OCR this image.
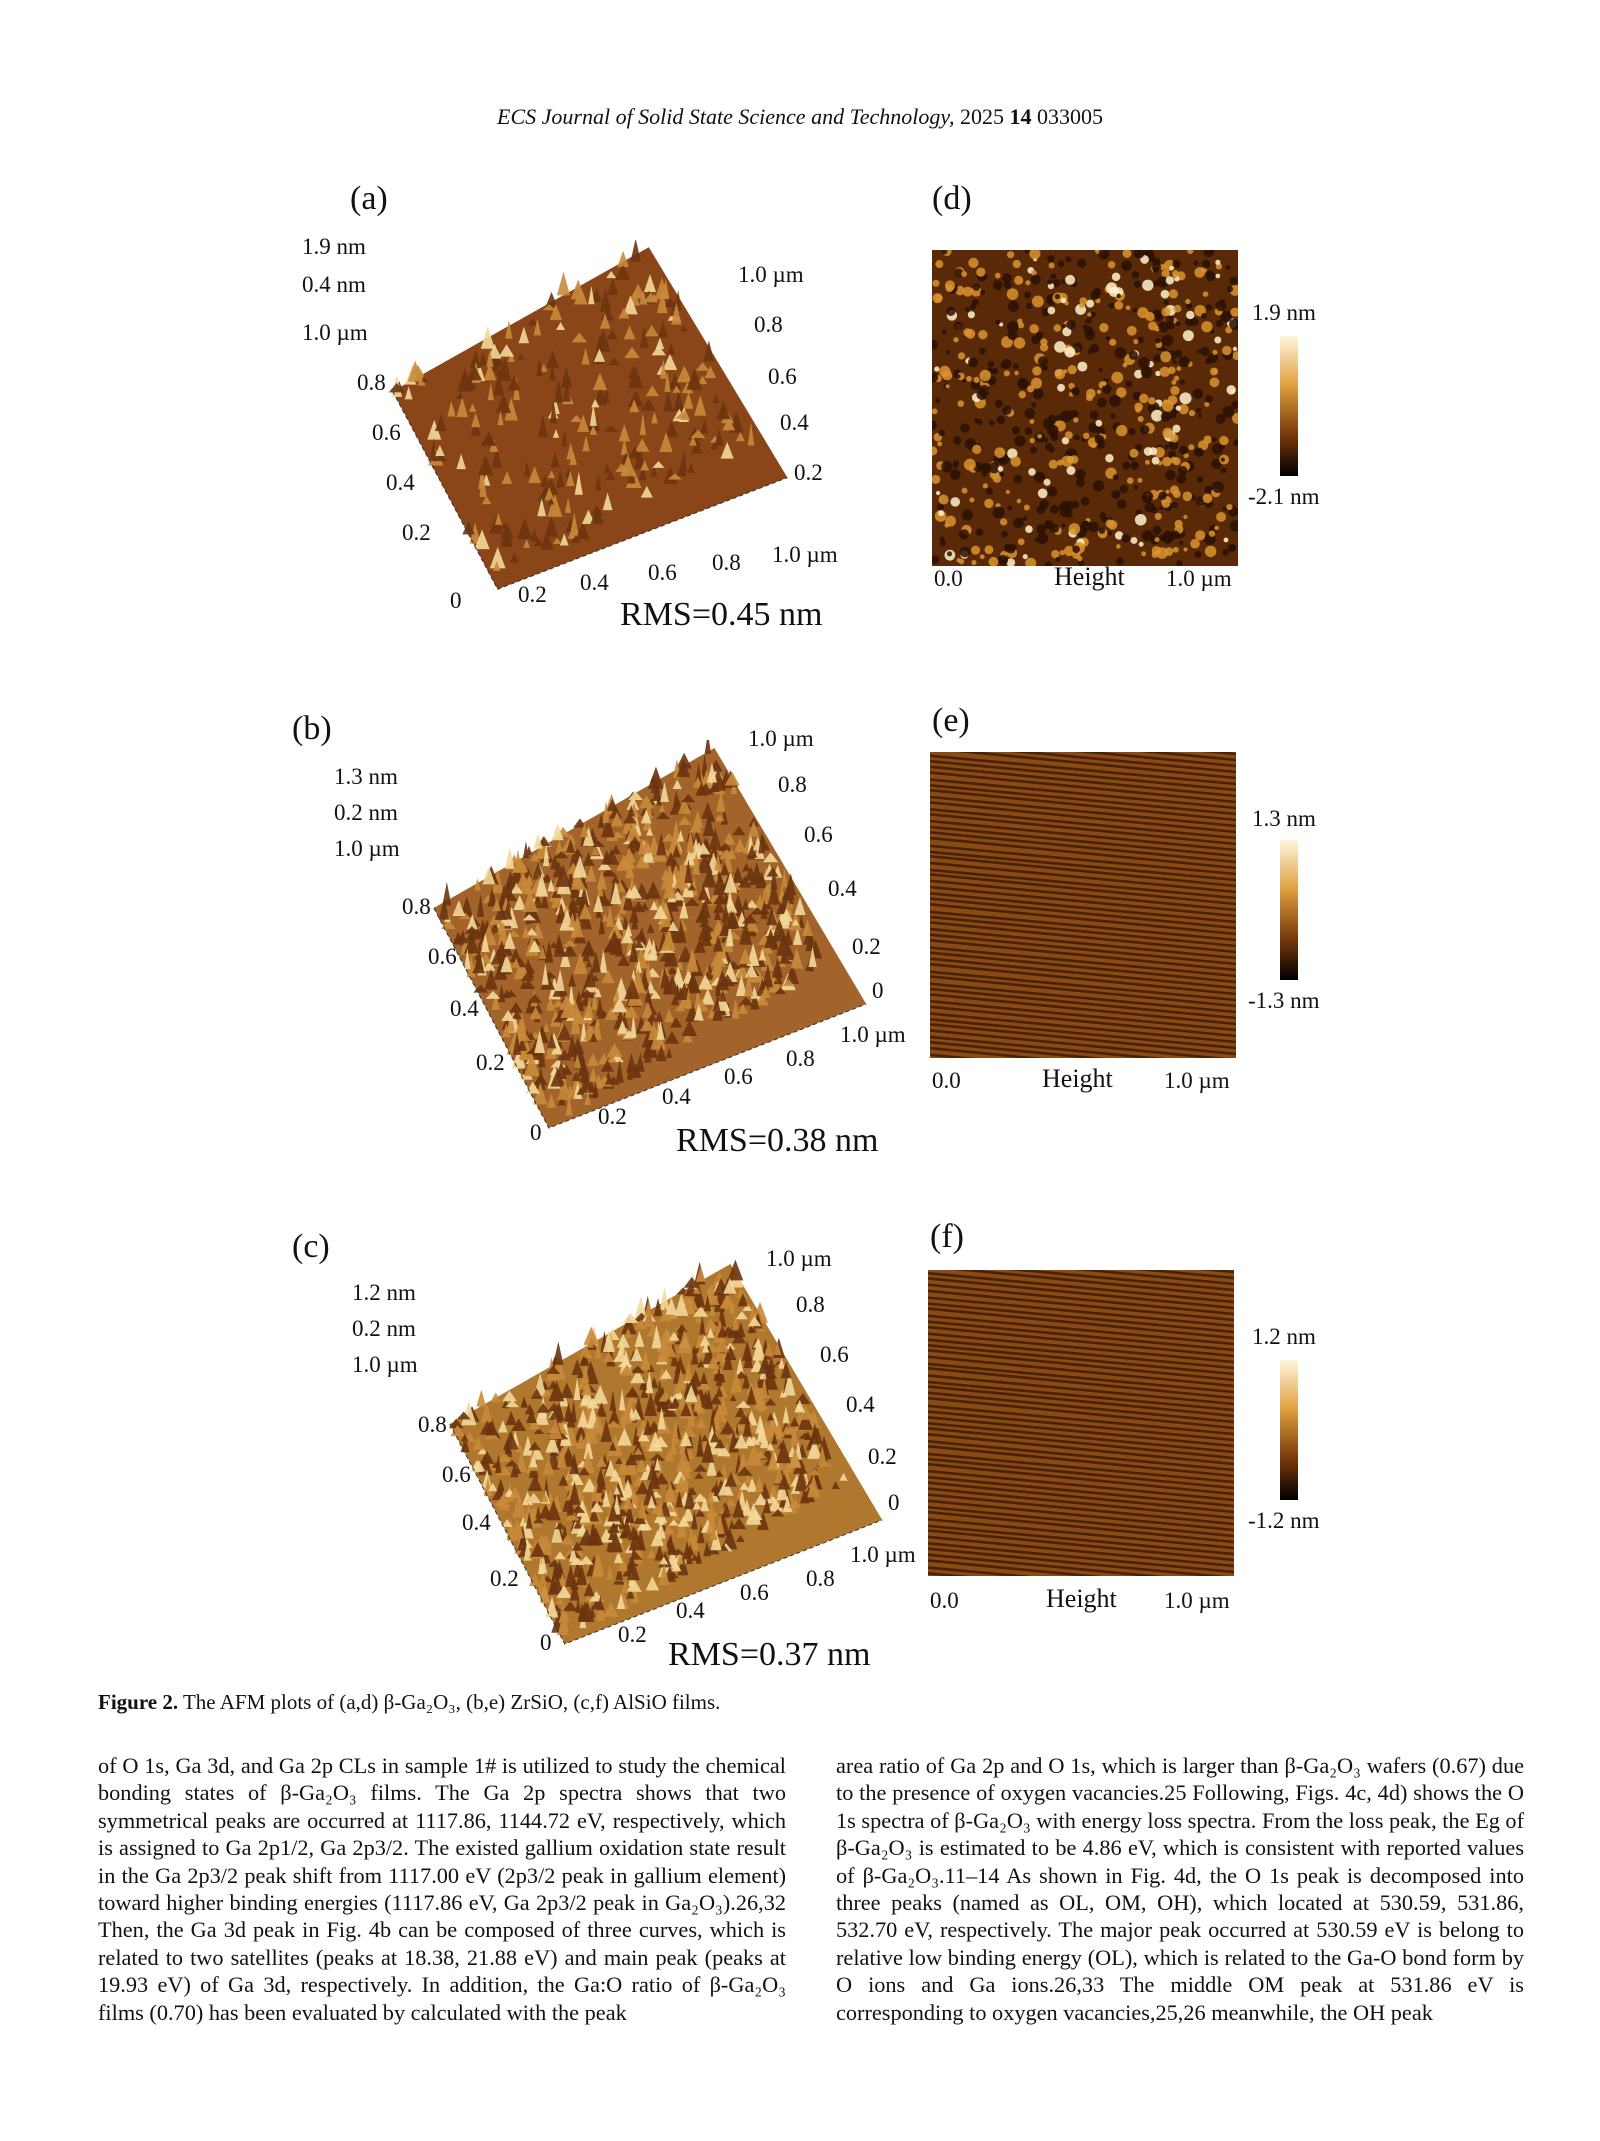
ECS Journal of Solid State Science and Technology, 2025 14 033005
(a)
1.9 nm
0.4 nm
1.0 µm
0.8
0.6
0.4
0.2
1.0 µm
0.8
0.6
0.4
0.2
0 0.2 0.4 0.6 0.8 1.0 µm
RMS=0.45 nm
(b)
1.3 nm
0.2 nm
1.0 µm
0.8
0.6
0.4
0.2
1.0 µm
0.8
0.6
0.4
0.2
0
0
0.2
0.4
0.6
0.8
1.0 µm
RMS=0.38 nm
(c)
1.2 nm
0.2 nm
1.0 µm
0.8
0.6
0.4
0.2
1.0 µm
0.8
0.6
0.4
0.2
0
0	0.2
0.4
0.6
0.8
1.0 µm
RMS=0.37 nm
(d)
1.9 nm
-2.1 nm
0.0	Height 1.0 µm
(e)
1.3 nm
-1.3 nm
0.0	Height 1.0 µm
(f)
1.2 nm
-1.2 nm
0.0	Height 1.0 µm
Figure 2. The AFM plots of (a,d) β-Ga₂O₃, (b,e) ZrSiO, (c,f) AlSiO films.

of O 1s, Ga 3d, and Ga 2p CLs in sample 1# is utilized to study the chemical bonding states of β-Ga₂O₃ films. The Ga 2p spectra shows that two symmetrical peaks are occurred at 1117.86, 1144.72 eV, respectively, which is assigned to Ga 2p1/2, Ga 2p3/2. The existed gallium oxidation state result in the Ga 2p3/2 peak shift from 1117.00 eV (2p3/2 peak in gallium element) toward higher binding energies (1117.86 eV, Ga 2p3/2 peak in Ga₂O₃).26,32 Then, the Ga 3d peak in Fig. 4b can be composed of three curves, which is related to two satellites (peaks at 18.38, 21.88 eV) and main peak (peaks at 19.93 eV) of Ga 3d, respectively. In addition, the Ga:O ratio of β-Ga₂O₃ films (0.70) has been evaluated by calculated with the peak

area ratio of Ga 2p and O 1s, which is larger than β-Ga₂O₃ wafers (0.67) due to the presence of oxygen vacancies.25 Following, Figs. 4c, 4d) shows the O 1s spectra of β-Ga₂O₃ with energy loss spectra. From the loss peak, the Eg of β-Ga₂O₃ is estimated to be 4.86 eV, which is consistent with reported values of β-Ga₂O₃.11–14 As shown in Fig. 4d, the O 1s peak is decomposed into three peaks (named as OL, OM, OH), which located at 530.59, 531.86, 532.70 eV, respectively. The major peak occurred at 530.59 eV is belong to relative low binding energy (OL), which is related to the Ga-O bond form by O ions and Ga ions.26,33 The middle OM peak at 531.86 eV is corresponding to oxygen vacancies,25,26 meanwhile, the OH peak
